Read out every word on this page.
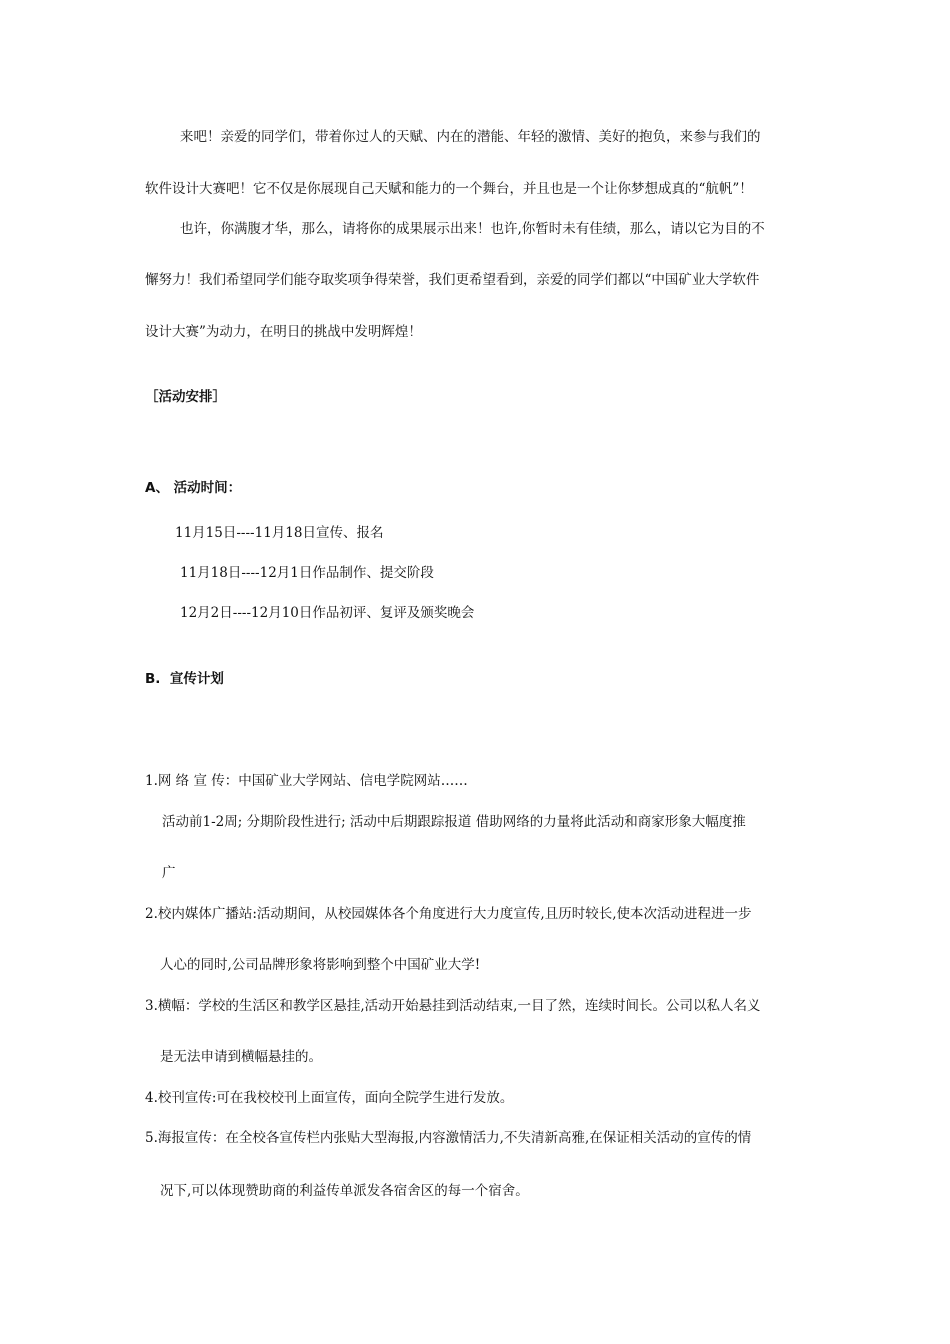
来吧！亲爱的同学们，带着你过人的天赋、内在的潜能、年轻的激情、美好的抱负，来参与我们的
软件设计大赛吧！它不仅是你展现自己天赋和能力的一个舞台，并且也是一个让你梦想成真的“航帆”！
也许，你满腹才华，那么，请将你的成果展示出来！也许,你暂时未有佳绩，那么，请以它为目的不
懈努力！我们希望同学们能夺取奖项争得荣誉，我们更希望看到，亲爱的同学们都以“中国矿业大学软件
设计大赛”为动力，在明日的挑战中发明辉煌！
［活动安排］
A、 活动时间：
11月15日----11月18日宣传、报名
11月18日----12月1日作品制作、提交阶段
12月2日----12月10日作品初评、复评及颁奖晚会
B. 宣传计划
1.网 络 宣 传：中国矿业大学网站、信电学院网站……
活动前1-2周; 分期阶段性进行; 活动中后期跟踪报道 借助网络的力量将此活动和商家形象大幅度推
广
2.校内媒体广播站:活动期间，从校园媒体各个角度进行大力度宣传,且历时较长,使本次活动进程进一步
人心的同时,公司品牌形象将影响到整个中国矿业大学!
3.横幅：学校的生活区和教学区悬挂,活动开始悬挂到活动结束,一目了然，连续时间长。公司以私人名义
是无法申请到横幅悬挂的。
4.校刊宣传:可在我校校刊上面宣传，面向全院学生进行发放。
5.海报宣传：在全校各宣传栏内张贴大型海报,内容激情活力,不失清新高雅,在保证相关活动的宣传的情
况下,可以体现赞助商的利益传单派发各宿舍区的每一个宿舍。
